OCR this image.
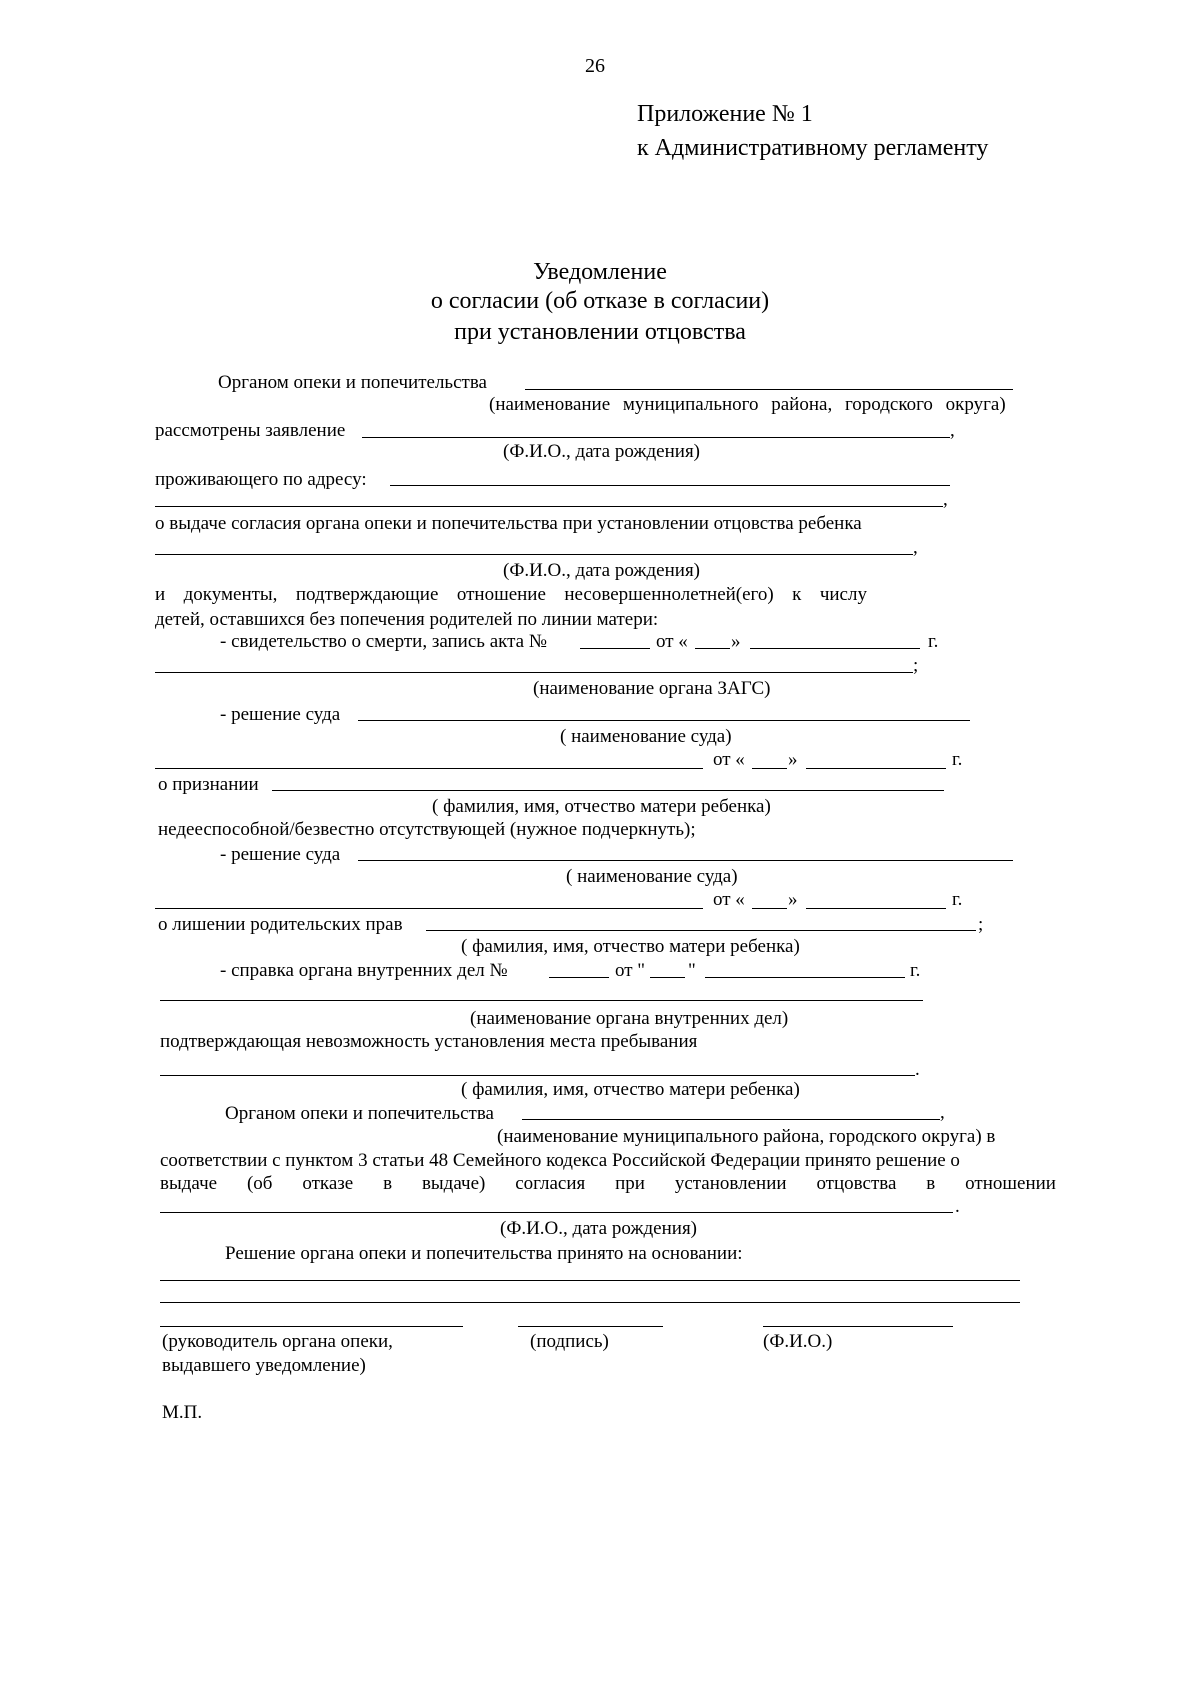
26
Приложение № 1
к Административному регламенту
Уведомление
о согласии (об отказе в согласии)
при установлении отцовства
Органом опеки и попечительства
(наименование муниципального района, городского округа)
рассмотрены заявление	,
(Ф.И.О., дата рождения)
проживающего по адресу:
,
о выдаче согласия органа опеки и попечительства при установлении отцовства ребенка
,
(Ф.И.О., дата рождения)
и документы, подтверждающие отношение несовершеннолетней(его) к числу
детей, оставшихся без попечения родителей по линии матери:
- свидетельство о смерти, запись акта №	от « »	г.
;
(наименование органа ЗАГС)
- решение суда
( наименование суда)
от « »	г.
о признании
( фамилия, имя, отчество матери ребенка)
недееспособной/безвестно отсутствующей (нужное подчеркнуть);
- решение суда
( наименование суда)
от « »	г.
о лишении родительских прав	;
( фамилия, имя, отчество матери ребенка)
- справка органа внутренних дел №	от " "	г.
(наименование органа внутренних дел)
подтверждающая невозможность установления места пребывания
.
( фамилия, имя, отчество матери ребенка)
Органом опеки и попечительства	,
(наименование муниципального района, городского округа) в
соответствии с пунктом 3 статьи 48 Семейного кодекса Российской Федерации принято решение о
выдаче (об отказе в выдаче) согласия при установлении отцовства в отношении
.
(Ф.И.О., дата рождения)
Решение органа опеки и попечительства принято на основании:
(руководитель органа опеки,
выдавшего уведомление)
(подпись)	(Ф.И.О.)
М.П.
